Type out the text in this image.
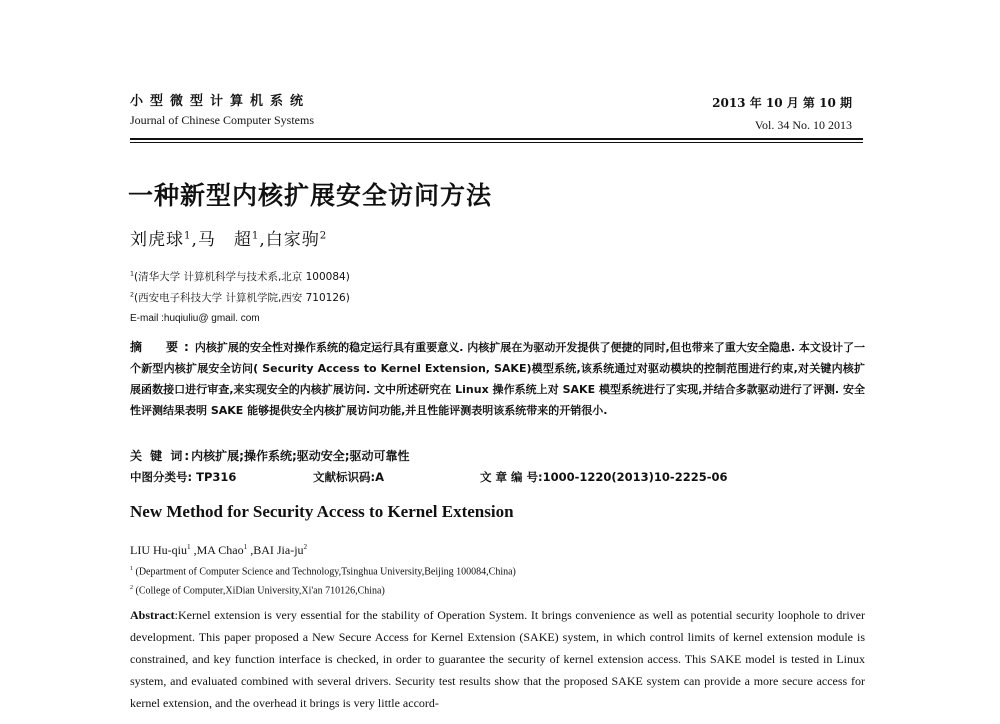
小型微型计算机系统
Journal of Chinese Computer Systems
2013 年 10 月 第 10 期
Vol. 34 No. 10 2013
一种新型内核扩展安全访问方法
刘虎球$^1$,马　超$^1$,白家驹$^2$
$^1$(清华大学 计算机科学与技术系,北京 100084)
$^2$(西安电子科技大学 计算机学院,西安 710126)
E-mail :huqiuliu@ gmail. com

摘　要:内核扩展的安全性对操作系统的稳定运行具有重要意义. 内核扩展在为驱动开发提供了便捷的同时,但也带来了重大安全隐患. 本文设计了一个新型内核扩展安全访问( Security Access to Kernel Extension, SAKE)模型系统,该系统通过对驱动模块的控制范围进行约束,对关键内核扩展函数接口进行审查,来实现安全的内核扩展访问. 文中所述研究在 Linux 操作系统上对 SAKE 模型系统进行了实现,并结合多款驱动进行了评测. 安全性评测结果表明 SAKE 能够提供安全内核扩展访问功能,并且性能评测表明该系统带来的开销很小.

关 键 词:内核扩展;操作系统;驱动安全;驱动可靠性
中图分类号: TP316	文献标识码:A	文 章 编 号:1000-1220(2013)10-2225-06
New Method for Security Access to Kernel Extension
LIU Hu-qiu$^1$ ,MA Chao$^1$ ,BAI Jia-$ju^2$
$^1$ (Department of Computer Science and Technology,Tsinghua University,Beijing 100084,China)
$^2$ (College of Computer,XiDian University,Xi'an 710126,China)

Abstract:Kernel extension is very essential for the stability of Operation System. It brings convenience as well as potential security loophole to driver development. This paper proposed a New Secure Access for Kernel Extension (SAKE) system, in which control limits of kernel extension module is constrained, and key function interface is checked, in order to guarantee the security of kernel extension access. This SAKE model is tested in Linux system, and evaluated combined with several drivers. Security test results show that the proposed SAKE system can provide a more secure access for kernel extension, and the overhead it brings is very little accord-
